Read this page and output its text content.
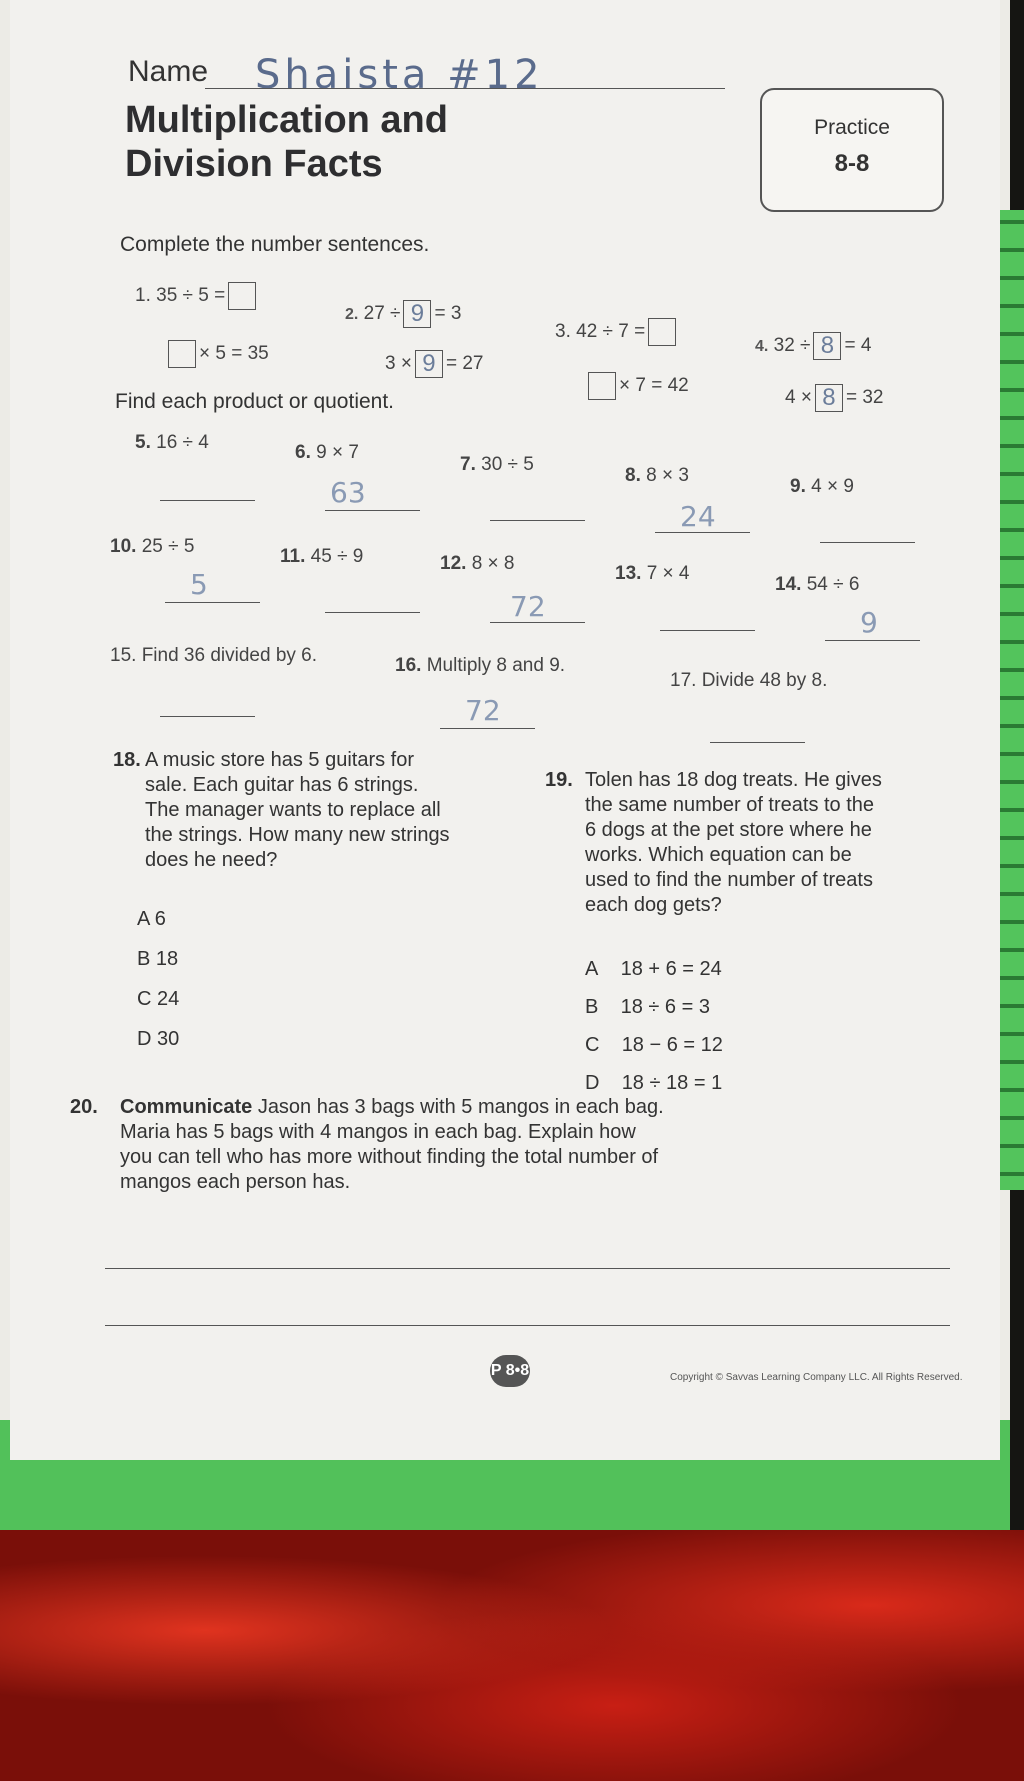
Name Shaista #12
Multiplication and
Division Facts
Practice
8-8
Complete the number sentences.
1. 35 ÷ 5 =
× 5 = 35
2. 27 ÷ 9 = 3
3 × 9 = 27
3. 42 ÷ 7 =
× 7 = 42
4. 32 ÷ 8 = 4
4 × 8 = 32
Find each product or quotient.
5. 16 ÷ 4	6. 9 × 7
63
7. 30 ÷ 5
8. 8 × 3
24
9. 4 × 9
10. 25 ÷ 5
5
11. 45 ÷ 9	12. 8 × 8
72
13. 7 × 4
14. 54 ÷ 6
9
15. Find 36 divided by 6.	16. Multiply 8 and 9.
72
17. Divide 48 by 8.
18. A music store has 5 guitars for
sale. Each guitar has 6 strings.
The manager wants to replace all
the strings. How many new strings
does he need?
A 6
B 18
C 24
D 30
19. Tolen has 18 dog treats. He gives
the same number of treats to the
6 dogs at the pet store where he
works. Which equation can be
used to find the number of treats
each dog gets?
A 18 + 6 = 24
B 18 ÷ 6 = 3
C 18 − 6 = 12
D 18 ÷ 18 = 1
20. Communicate Jason has 3 bags with 5 mangos in each bag.
Maria has 5 bags with 4 mangos in each bag. Explain how
you can tell who has more without finding the total number of
mangos each person has.
P 8•8	Copyright © Savvas Learning Company LLC. All Rights Reserved.
